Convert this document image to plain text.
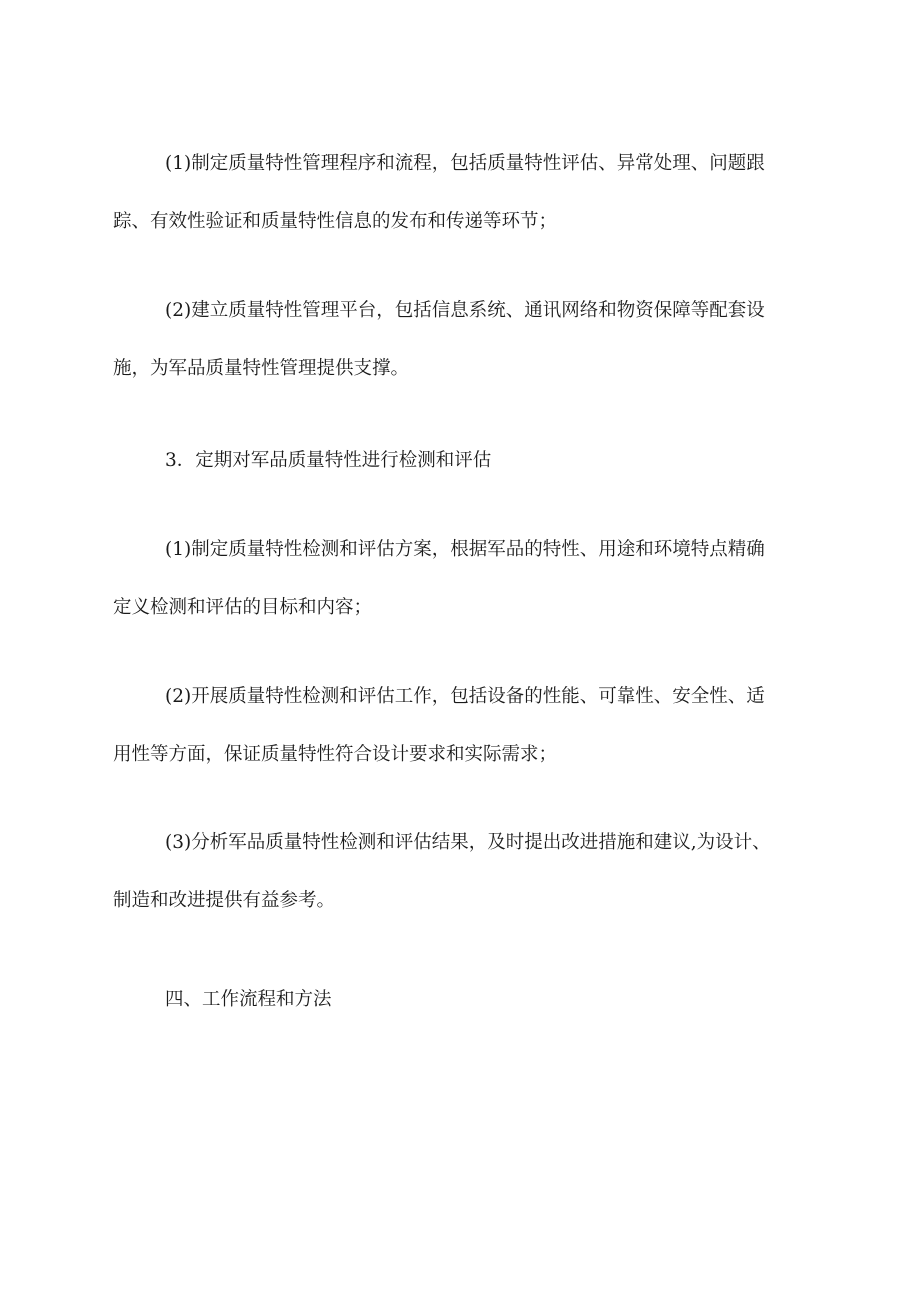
(1)制定质量特性管理程序和流程，包括质量特性评估、异常处理、问题跟
踪、有效性验证和质量特性信息的发布和传递等环节；

(2)建立质量特性管理平台，包括信息系统、通讯网络和物资保障等配套设
施，为军品质量特性管理提供支撑。

3．定期对军品质量特性进行检测和评估

(1)制定质量特性检测和评估方案，根据军品的特性、用途和环境特点精确
定义检测和评估的目标和内容；

(2)开展质量特性检测和评估工作，包括设备的性能、可靠性、安全性、适
用性等方面，保证质量特性符合设计要求和实际需求；

(3)分析军品质量特性检测和评估结果，及时提出改进措施和建议,为设计、
制造和改进提供有益参考。

四、工作流程和方法
